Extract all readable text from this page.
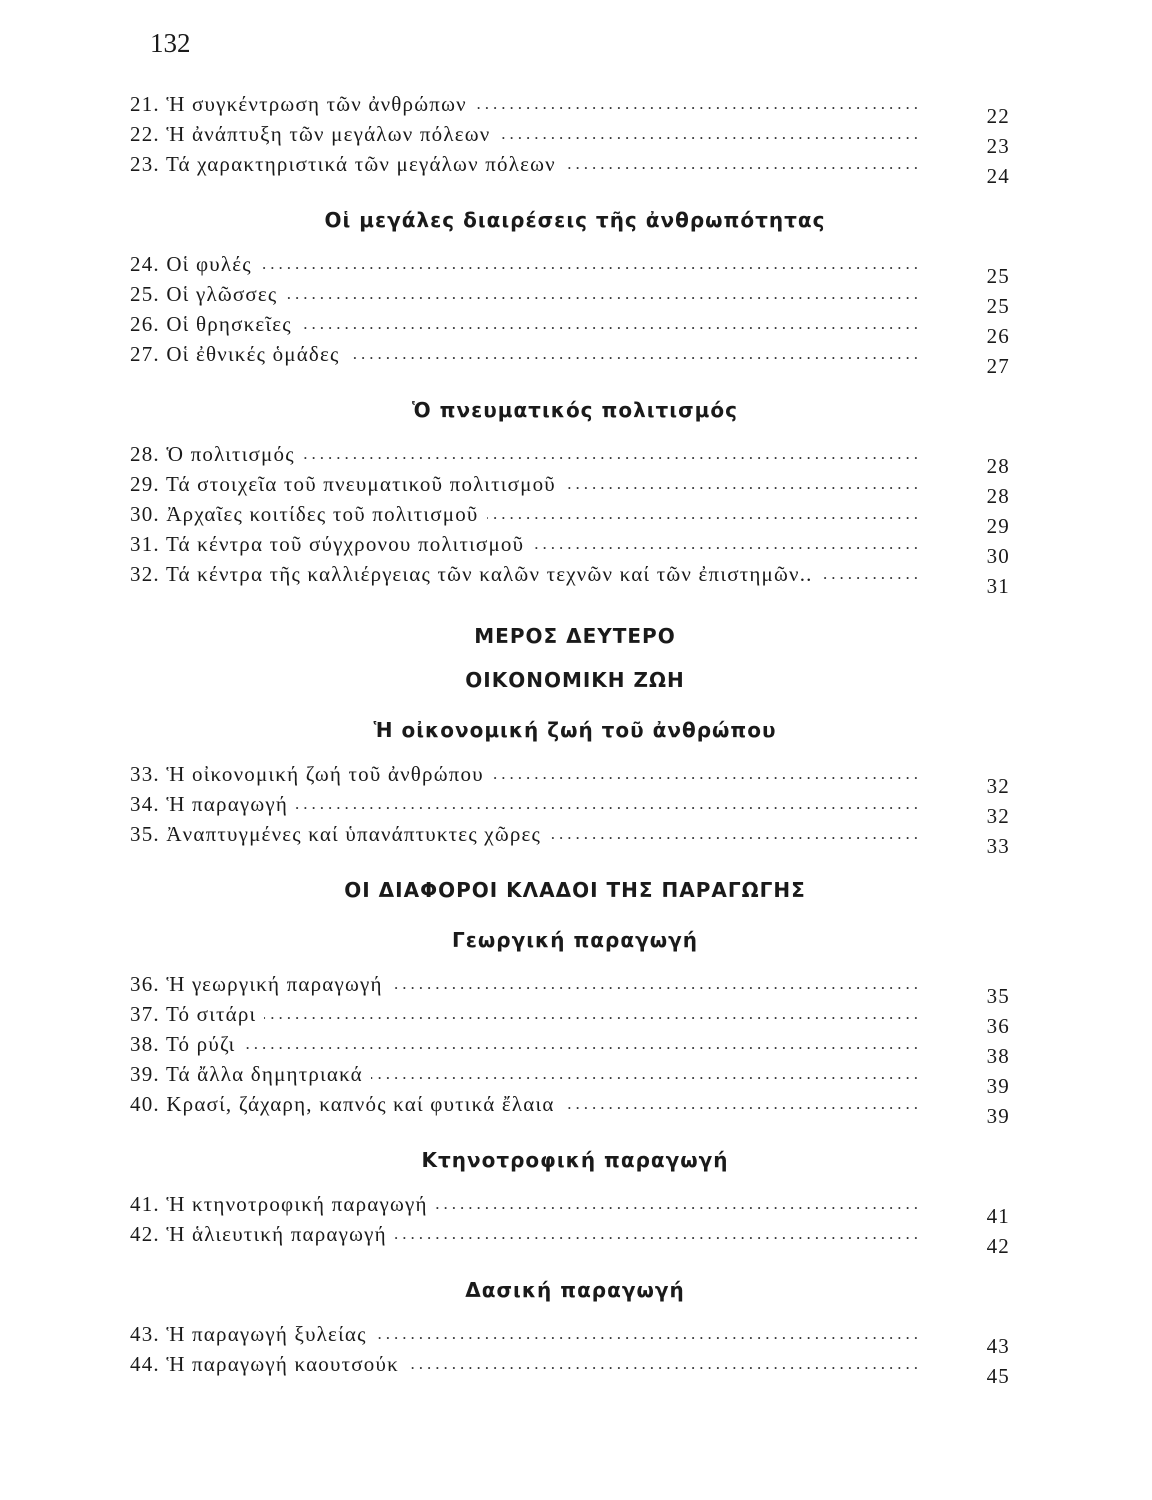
132
.....
21. Ἡ συγκέντρωση τῶν ἀνθρώπων	22
.....
22. Ἡ ἀνάπτυξη τῶν μεγάλων πόλεων	23
.....
23. Τά χαρακτηριστικά τῶν μεγάλων πόλεων	24
Οἱ μεγάλες διαιρέσεις τῆς ἀνθρωπότητας
.....
24. Οἱ φυλές	25
.....
25. Οἱ γλῶσσες	25
.....
26. Οἱ θρησκεῖες	26
.....
27. Οἱ ἐθνικές ὁμάδες	27
Ὁ πνευματικός πολιτισμός
.....
28. Ὁ πολιτισμός	28
.....
29. Τά στοιχεῖα τοῦ πνευματικοῦ πολιτισμοῦ	28
.....
30. Ἀρχαῖες κοιτίδες τοῦ πολιτισμοῦ	29
.....
31. Τά κέντρα τοῦ σύγχρονου πολιτισμοῦ	30
.....
32. Τά κέντρα τῆς καλλιέργειας τῶν καλῶν τεχνῶν καί τῶν ἐπιστημῶν..	31
ΜΕΡΟΣ ΔΕΥΤΕΡΟ
ΟΙΚΟΝΟΜΙΚΗ ΖΩΗ
Ἡ οἰκονομική ζωή τοῦ ἀνθρώπου
.....
33. Ἡ οἰκονομική ζωή τοῦ ἀνθρώπου	32
.....
34. Ἡ παραγωγή	32
.....
35. Ἀναπτυγμένες καί ὑπανάπτυκτες χῶρες	33
ΟΙ ΔΙΑΦΟΡΟΙ ΚΛΑΔΟΙ ΤΗΣ ΠΑΡΑΓΩΓΗΣ
Γεωργική παραγωγή
.....
36. Ἡ γεωργική παραγωγή	35
.....
37. Τό σιτάρι	36
.....
38. Τό ρύζι	38
.....
39. Τά ἄλλα δημητριακά	39
.....
40. Κρασί, ζάχαρη, καπνός καί φυτικά ἔλαια	39
Κτηνοτροφική παραγωγή
.....
41. Ἡ κτηνοτροφική παραγωγή	41
.....
42. Ἡ ἁλιευτική παραγωγή	42
Δασική παραγωγή
.....
43. Ἡ παραγωγή ξυλείας	43
.....
44. Ἡ παραγωγή καουτσούκ	45
